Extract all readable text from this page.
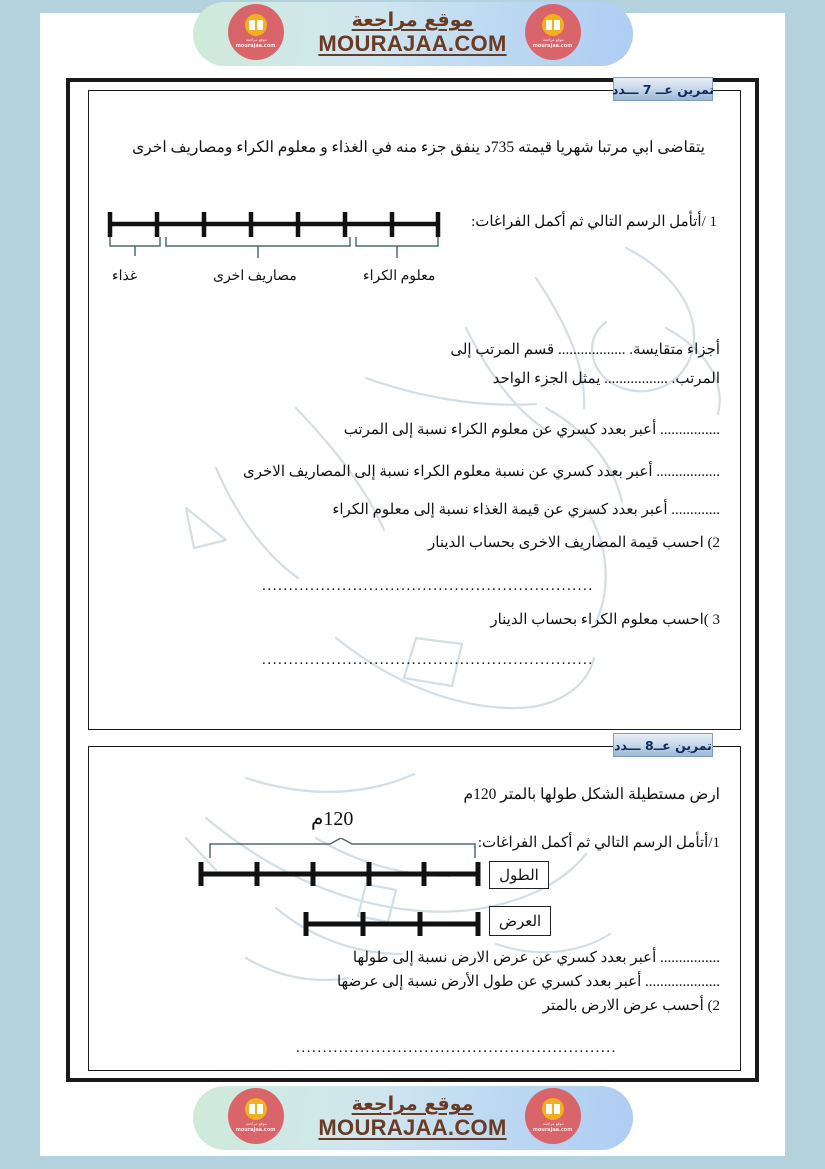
تمرين عــ 7 ـــدد
يتقاضى ابي مرتبا شهريا قيمته 735د ينفق جزء منه في الغذاء و معلوم الكراء ومصاريف اخرى
1 /أتأمل الرسم التالي ثم أكمل الفراغات:
غذاء	مصاريف اخرى	معلوم الكراء
أجزاء متقايسة. .................. قسم المرتب إلى
المرتب. ................. يمثل الجزء الواحد
................ أعبر بعدد كسري عن معلوم الكراء نسبة إلى المرتب
................. أعبر بعدد كسري عن نسبة معلوم الكراء نسبة إلى المصاريف الاخرى
............. أعبر بعدد كسري عن قيمة الغذاء نسبة إلى معلوم الكراء
2) احسب قيمة المصاريف الاخرى بحساب الدينار
..............................................................
3 )احسب معلوم الكراء بحساب الدينار
..............................................................
تمرين عــ8 ـــدد
ارض مستطيلة الشكل طولها بالمتر 120م
1/أتأمل الرسم التالي ثم أكمل الفراغات:
120م
الطول
العرض
................ أعبر بعدد كسري عن عرض الارض نسبة إلى طولها
.................... أعبر بعدد كسري عن طول الأرض نسبة إلى عرضها
2) أحسب عرض الارض بالمتر
............................................................
موقع مراجعة
MOURAJAA.COM
موقع مراجعة
mourajaa.com
موقع مراجعة
mourajaa.com
موقع مراجعة
MOURAJAA.COM
موقع مراجعة
mourajaa.com
موقع مراجعة
mourajaa.com
